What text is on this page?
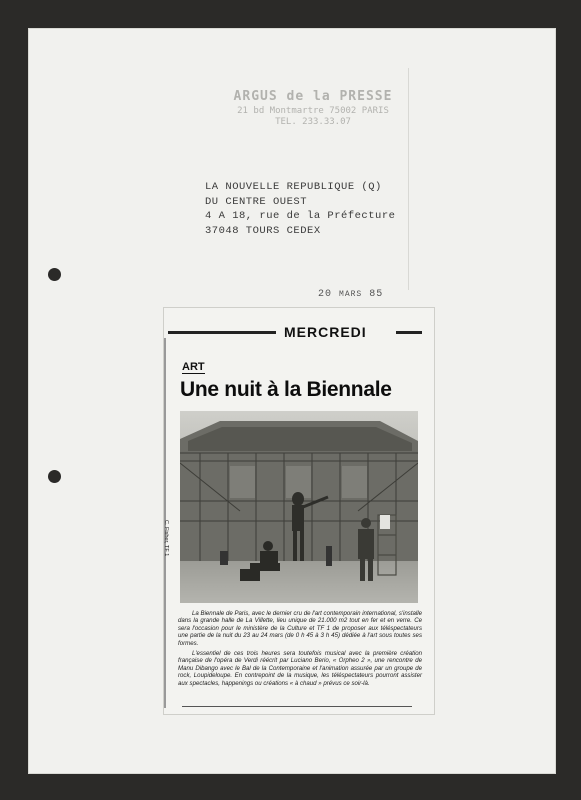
ARGUS de la PRESSE
21 bd Montmartre 75002 PARIS
TEL. 233.33.07
LA NOUVELLE REPUBLIQUE (Q)
DU CENTRE OUEST
4 A 18, rue de la Préfecture
37048 TOURS CEDEX
20 MARS 85
MERCREDI
ART
Une nuit à la Biennale
C. Fisher, TF 1

La Biennale de Paris, avec le dernier cru de l'art contemporain international, s'installe dans la grande halle de La Villette, lieu unique de 21.000 m2 tout en fer et en verre. Ce sera l'occasion pour le ministère de la Culture et TF 1 de proposer aux téléspectateurs une partie de la nuit du 23 au 24 mars (de 0 h 45 à 3 h 45) dédiée à l'art sous toutes ses formes.

L'essentiel de ces trois heures sera toutefois musical avec la première création française de l'opéra de Verdi réécrit par Luciano Berio, « Orpheo 2 », une rencontre de Manu Dibango avec le Bal de la Contemporaine et l'animation assurée par un groupe de rock, Loupideloupe. En contrepoint de la musique, les téléspectateurs pourront assister aux spectacles, happenings ou créations « à chaud » prévus ce soir-là.
